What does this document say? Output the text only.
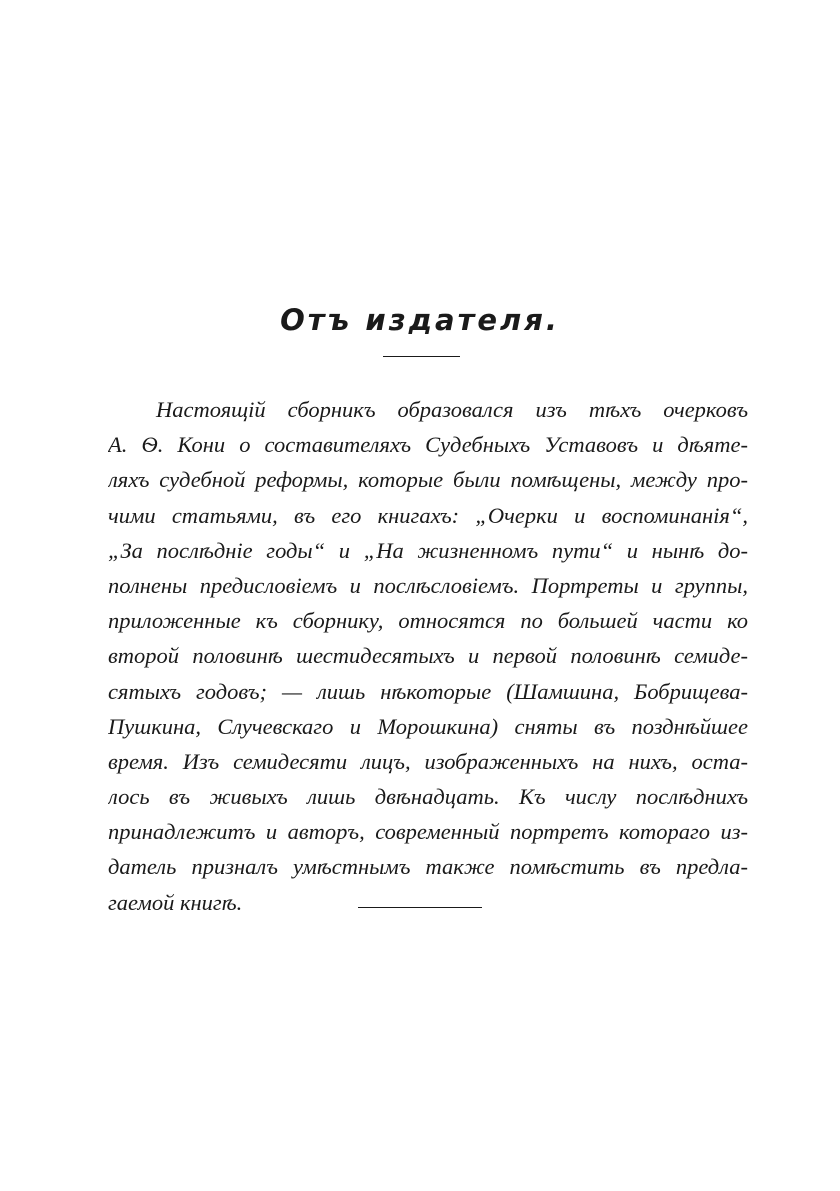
Отъ издателя.
Настоящій сборникъ образовался изъ тѣхъ очерковъ
А. Ѳ. Кони о составителяхъ Судебныхъ Уставовъ и дѣяте-
ляхъ судебной реформы, которые были помѣщены, между про-
чими статьями, въ его книгахъ: „Очерки и воспоминанія“,
„За послѣдніе годы“ и „На жизненномъ пути“ и нынѣ до-
полнены предисловіемъ и послѣсловіемъ. Портреты и группы,
приложенные къ сборнику, относятся по большей части ко
второй половинѣ шестидесятыхъ и первой половинѣ семиде-
сятыхъ годовъ; — лишь нѣкоторые (Шамшина, Бобрищева-
Пушкина, Случевскаго и Морошкина) сняты въ позднѣйшее
время. Изъ семидесяти лицъ, изображенныхъ на нихъ, оста-
лось въ живыхъ лишь двѣнадцать. Къ числу послѣднихъ
принадлежитъ и авторъ, современный портретъ котораго из-
датель призналъ умѣстнымъ также помѣстить въ предла-
гаемой книгѣ.
